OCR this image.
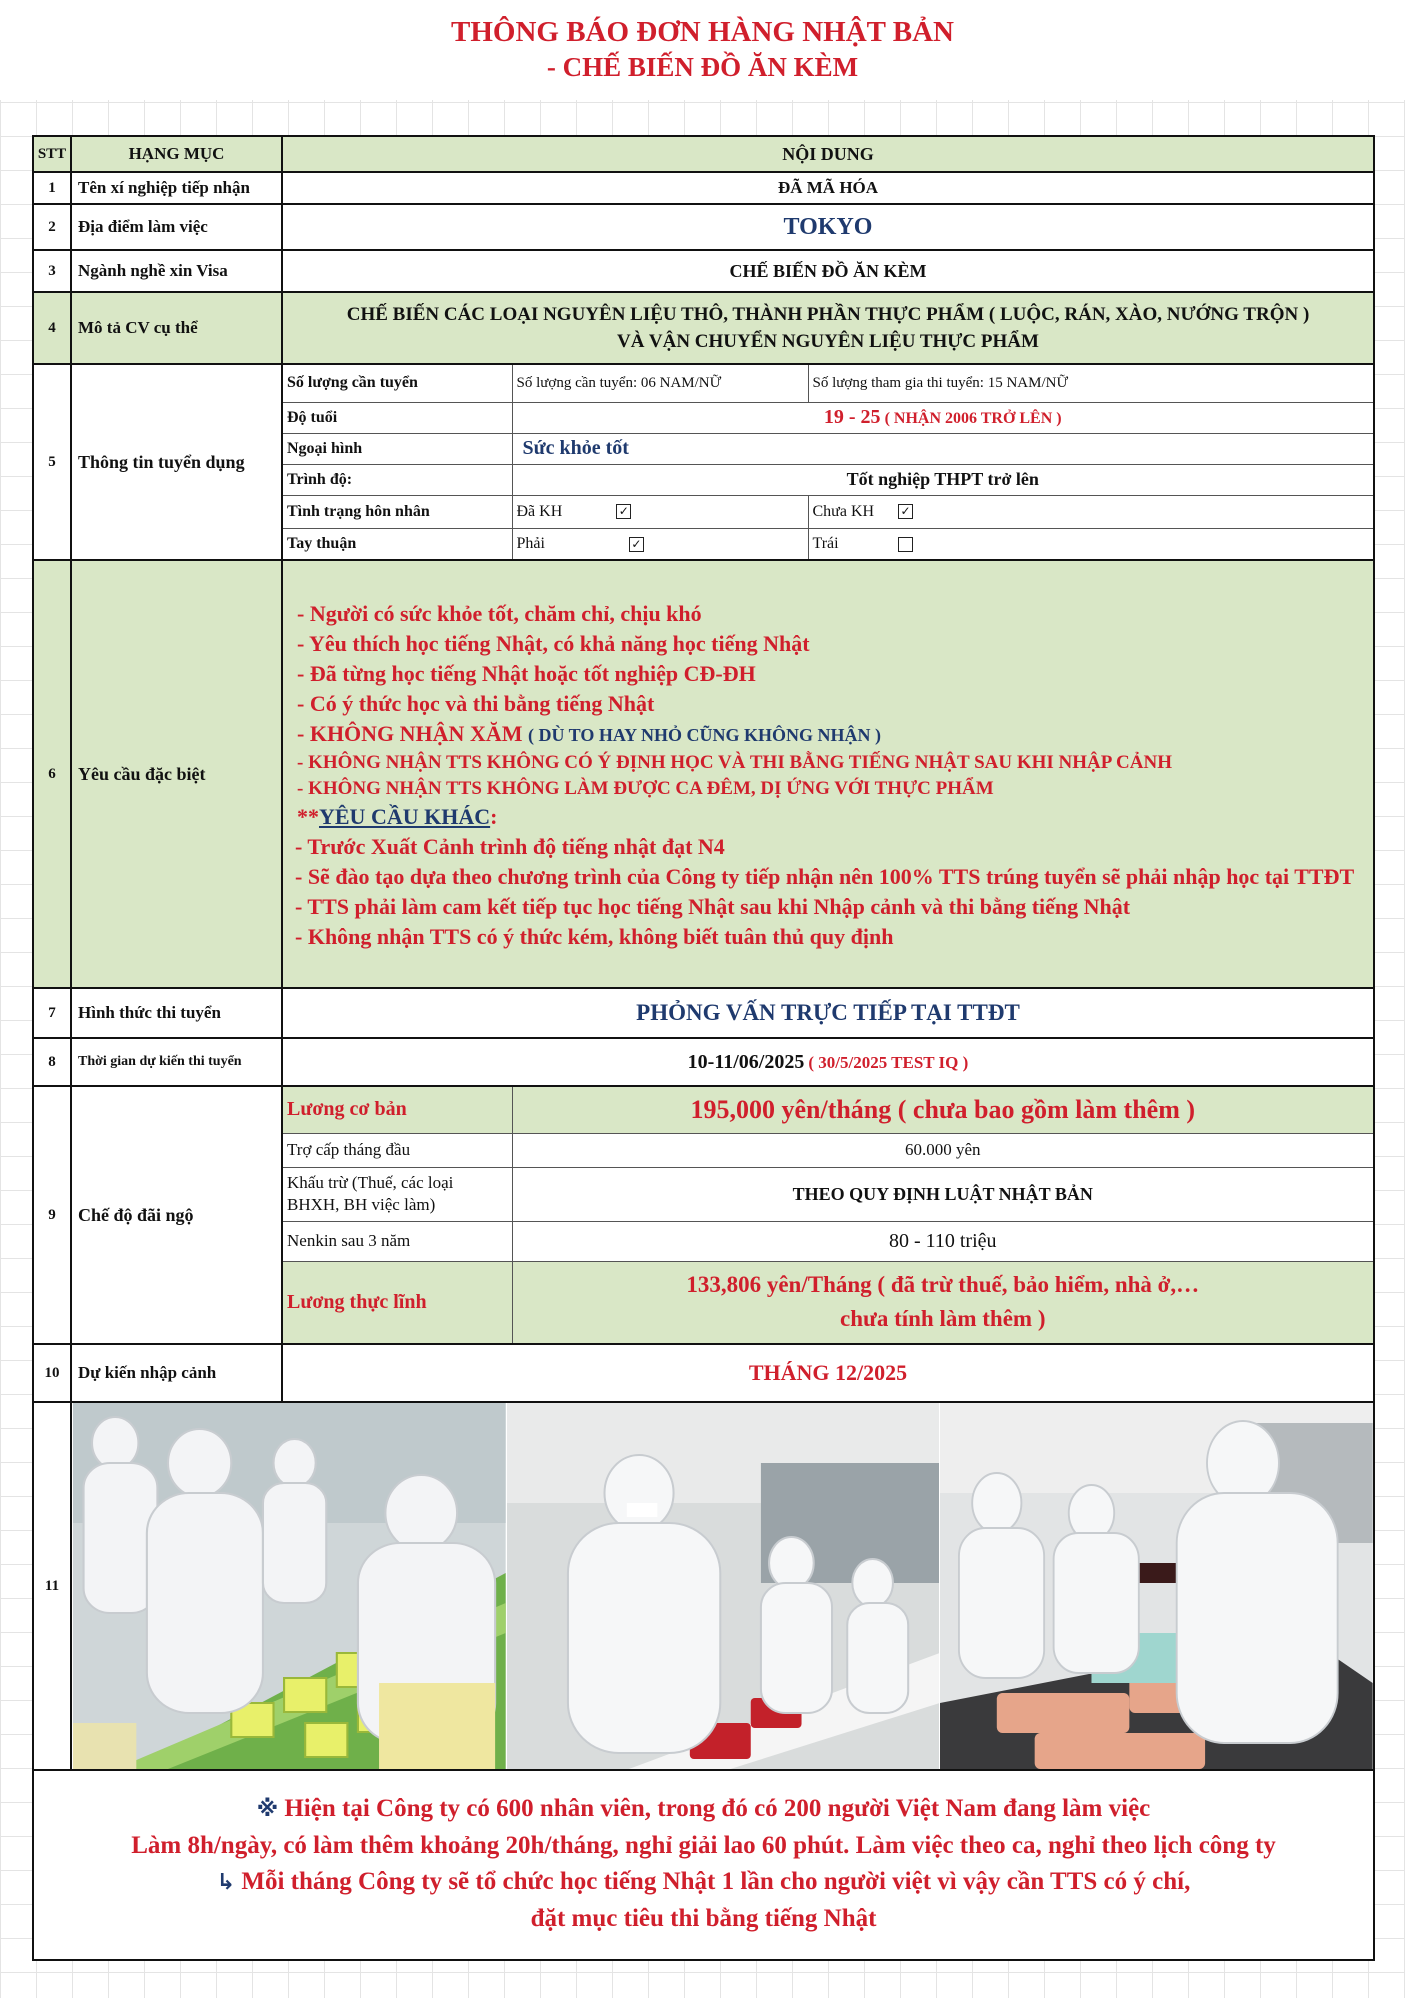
THÔNG BÁO ĐƠN HÀNG NHẬT BẢN
- CHẾ BIẾN ĐỒ ĂN KÈM
STT	HẠNG MỤC	NỘI DUNG
1	Tên xí nghiệp tiếp nhận	ĐÃ MÃ HÓA
2	Địa điểm làm việc	TOKYO
3	Ngành nghề xin Visa	CHẾ BIẾN ĐỒ ĂN KÈM
4	Mô tả CV cụ thể	
CHẾ BIẾN CÁC LOẠI NGUYÊN LIỆU THÔ, THÀNH PHẦN THỰC PHẨM ( LUỘC, RÁN, XÀO, NƯỚNG TRỘN )
VÀ VẬN CHUYỂN NGUYÊN LIỆU THỰC PHẨM

5	Thông tin tuyển dụng	
Số lượng cần tuyển	Số lượng cần tuyển: 06 NAM/NỮ	Số lượng tham gia thi tuyển: 15 NAM/NỮ
Độ tuổi	19 - 25 ( NHẬN 2006 TRỞ LÊN )
Ngoại hình	Sức khỏe tốt
Trình độ:	Tốt nghiệp THPT trở lên
Tình trạng hôn nhân	Đã KH	✓	Chưa KH ✓
Tay thuận	Phải	✓	Trái

6	Yêu cầu đặc biệt	
- Người có sức khỏe tốt, chăm chỉ, chịu khó
- Yêu thích học tiếng Nhật, có khả năng học tiếng Nhật
- Đã từng học tiếng Nhật hoặc tốt nghiệp CĐ-ĐH
- Có ý thức học và thi bằng tiếng Nhật
- KHÔNG NHẬN XĂM ( DÙ TO HAY NHỎ CŨNG KHÔNG NHẬN )
- KHÔNG NHẬN TTS KHÔNG CÓ Ý ĐỊNH HỌC VÀ THI BẰNG TIẾNG NHẬT SAU KHI NHẬP CẢNH
- KHÔNG NHẬN TTS KHÔNG LÀM ĐƯỢC CA ĐÊM, DỊ ỨNG VỚI THỰC PHẨM
**YÊU CẦU KHÁC:
- Trước Xuất Cảnh trình độ tiếng nhật đạt N4
- Sẽ đào tạo dựa theo chương trình của Công ty tiếp nhận nên 100% TTS trúng tuyển sẽ phải nhập học tại TTĐT
- TTS phải làm cam kết tiếp tục học tiếng Nhật sau khi Nhập cảnh và thi bằng tiếng Nhật
- Không nhận TTS có ý thức kém, không biết tuân thủ quy định

7	Hình thức thi tuyển	PHỎNG VẤN TRỰC TIẾP TẠI TTĐT
8	Thời gian dự kiến thi tuyển	10-11/06/2025 ( 30/5/2025 TEST IQ )
9	Chế độ đãi ngộ	
Lương cơ bản	195,000 yên/tháng ( chưa bao gồm làm thêm )
Trợ cấp tháng đầu	60.000 yên
Khấu trừ (Thuế, các loại BHXH, BH việc làm)	THEO QUY ĐỊNH LUẬT NHẬT BẢN
Nenkin sau 3 năm	80 - 110 triệu
Lương thực lĩnh	
133,806 yên/Tháng ( đã trừ thuế, bảo hiểm, nhà ở,…
chưa tính làm thêm )

10	Dự kiến nhập cảnh	THÁNG 12/2025
11	

※ Hiện tại Công ty có 600 nhân viên, trong đó có 200 người Việt Nam đang làm việc
Làm 8h/ngày, có làm thêm khoảng 20h/tháng, nghỉ giải lao 60 phút. Làm việc theo ca, nghỉ theo lịch công ty
↳ Mỗi tháng Công ty sẽ tổ chức học tiếng Nhật 1 lần cho người việt vì vậy cần TTS có ý chí,
đặt mục tiêu thi bằng tiếng Nhật
